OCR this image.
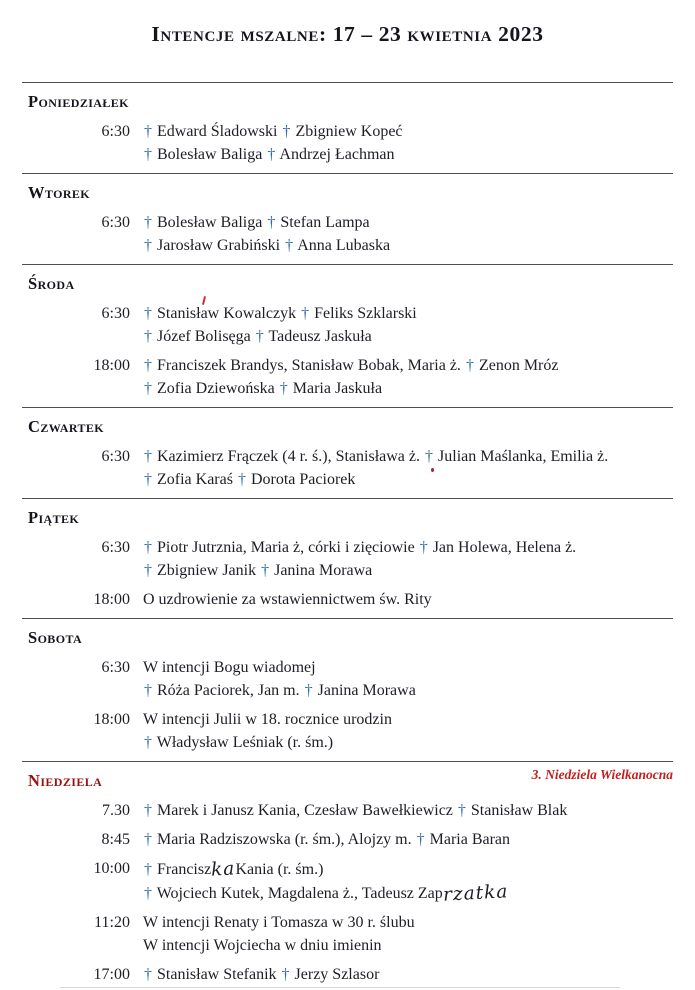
Intencje mszalne: 17 – 23 kwietnia 2023
Poniedziałek
6:30 † Edward Śladowski † Zbigniew Kopeć
† Bolesław Baliga † Andrzej Łachman
Wtorek
6:30 † Bolesław Baliga † Stefan Lampa
† Jarosław Grabiński † Anna Lubaska
Środa
6:30 † Stanisław Kowalczyk † Feliks Szklarski
† Józef Bolisęga † Tadeusz Jaskuła
18:00 † Franciszek Brandys, Stanisław Bobak, Maria ż. † Zenon Mróz
† Zofia Dziewońska † Maria Jaskuła
Czwartek
6:30 † Kazimierz Frączek (4 r. ś.), Stanisława ż. † Julian Maślanka, Emilia ż.
† Zofia Karaś † Dorota Paciorek
Piątek
6:30 † Piotr Jutrznia, Maria ż, córki i zięciowie † Jan Holewa, Helena ż.
† Zbigniew Janik † Janina Morawa
18:00 O uzdrowienie za wstawiennictwem św. Rity
Sobota
6:30 W intencji Bogu wiadomej
† Róża Paciorek, Jan m. † Janina Morawa
18:00 W intencji Julii w 18. rocznice urodzin
† Władysław Leśniak (r. śm.)
3. Niedziela Wielkanocna
Niedziela
7.30 † Marek i Janusz Kania, Czesław Bawełkiewicz † Stanisław Blak
8:45 † Maria Radziszowska (r. śm.), Alojzy m. † Maria Baran
10:00 † FranciszkaKania (r. śm.)
† Wojciech Kutek, Magdalena ż., Tadeusz Zaprzatka
11:20 W intencji Renaty i Tomasza w 30 r. ślubu
W intencji Wojciecha w dniu imienin
17:00 † Stanisław Stefanik † Jerzy Szlasor
